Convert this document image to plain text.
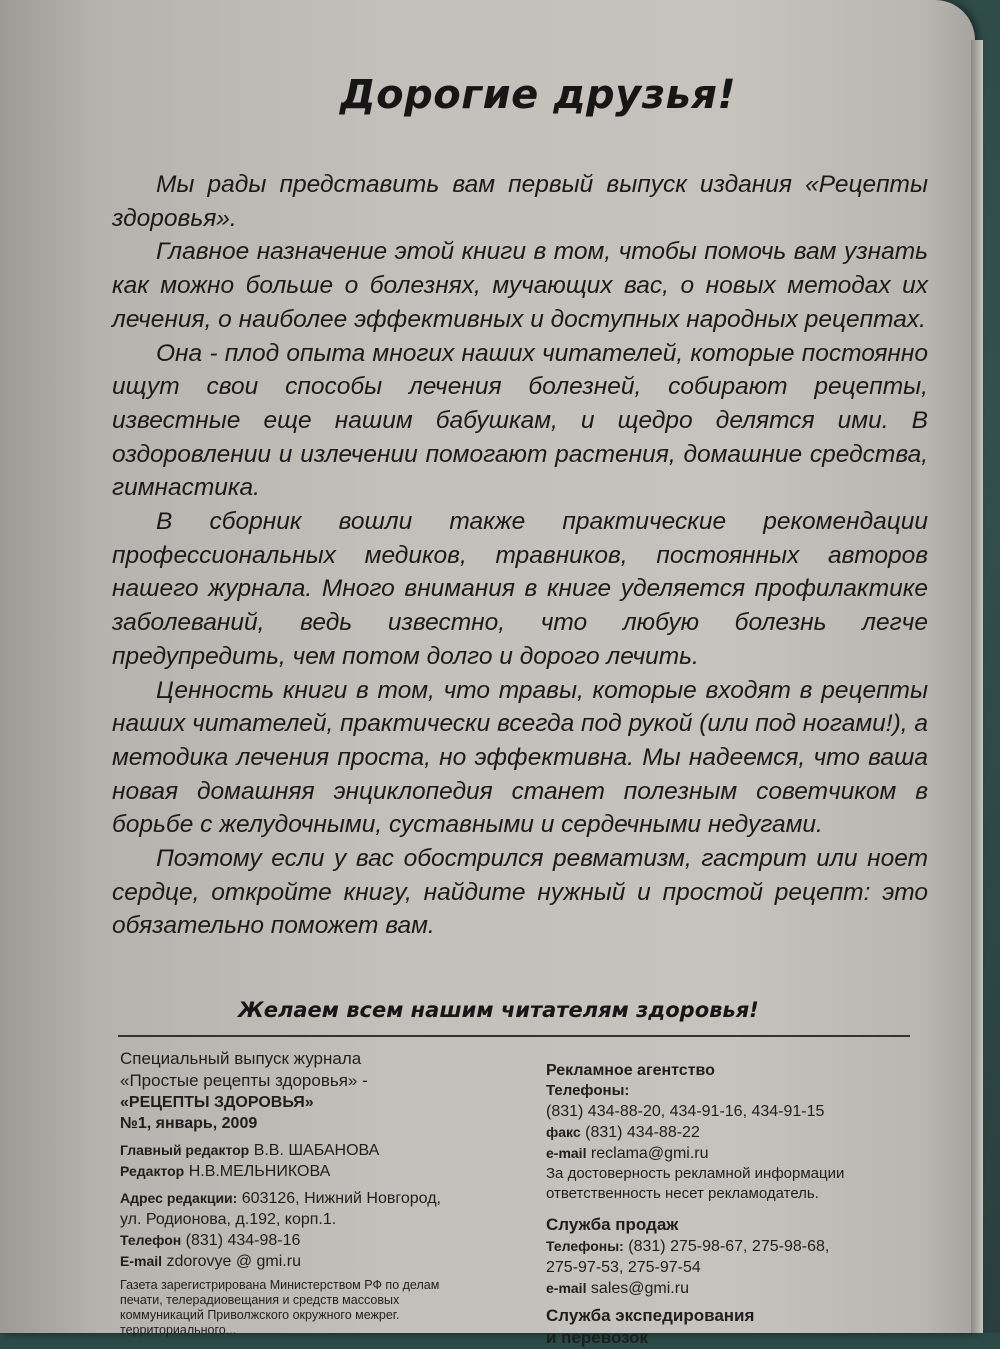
Дорогие друзья!

Мы рады представить вам первый выпуск издания «Рецепты здоровья».

Главное назначение этой книги в том, чтобы помочь вам узнать как можно больше о болезнях, мучающих вас, о новых методах их лечения, о наиболее эффективных и доступных народных рецептах.

Она - плод опыта многих наших читателей, которые постоянно ищут свои способы лечения болезней, собирают рецепты, известные еще нашим бабушкам, и щедро делятся ими. В оздоровлении и излечении помогают растения, домашние средства, гимнастика.

В сборник вошли также практические рекомендации профессиональных медиков, травников, постоянных авторов нашего журнала. Много внимания в книге уделяется профилактике заболеваний, ведь известно, что любую болезнь легче предупредить, чем потом долго и дорого лечить.

Ценность книги в том, что травы, которые входят в рецепты наших читателей, практически всегда под рукой (или под ногами!), а методика лечения проста, но эффективна. Мы надеемся, что ваша новая домашняя энциклопедия станет полезным советчиком в борьбе с желудочными, суставными и сердечными недугами.

Поэтому если у вас обострился ревматизм, гастрит или ноет сердце, откройте книгу, найдите нужный и простой рецепт: это обязательно поможет вам.

Желаем всем нашим читателям здоровья!
Специальный выпуск журнала
«Простые рецепты здоровья» -
«РЕЦЕПТЫ ЗДОРОВЬЯ»
№1, январь, 2009
Главный редактор В.В. ШАБАНОВА
Редактор Н.В.МЕЛЬНИКОВА
Адрес редакции: 603126, Нижний Новгород,
ул. Родионова, д.192, корп.1.
Телефон (831) 434-98-16
E-mail zdorovye @ gmi.ru
Газета зарегистрирована Министерством РФ по делам
печати, телерадиовещания и средств массовых
коммуникаций Приволжского окружного межрег.
территориального...
Рекламное агентство
Телефоны:
(831) 434-88-20, 434-91-16, 434-91-15
факс (831) 434-88-22
e-mail reclama@gmi.ru
За достоверность рекламной информации
ответственность несет рекламодатель.
Служба продаж
Телефоны: (831) 275-98-67, 275-98-68,
275-97-53, 275-97-54
e-mail sales@gmi.ru
Служба экспедирования
и перевозок
